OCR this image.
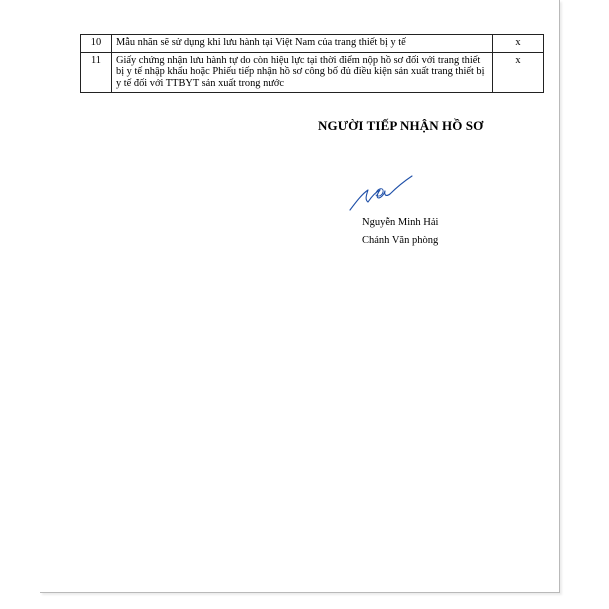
10	Mẫu nhãn sẽ sử dụng khi lưu hành tại Việt Nam của trang thiết bị y tế	x
11	Giấy chứng nhận lưu hành tự do còn hiệu lực tại thời điểm nộp hồ sơ đối với trang thiết bị y tế nhập khẩu hoặc Phiếu tiếp nhận hồ sơ công bố đủ điều kiện sản xuất trang thiết bị y tế đối với TTBYT sản xuất trong nước	x
NGƯỜI TIẾP NHẬN HỒ SƠ
Nguyễn Minh Hải
Chánh Văn phòng
